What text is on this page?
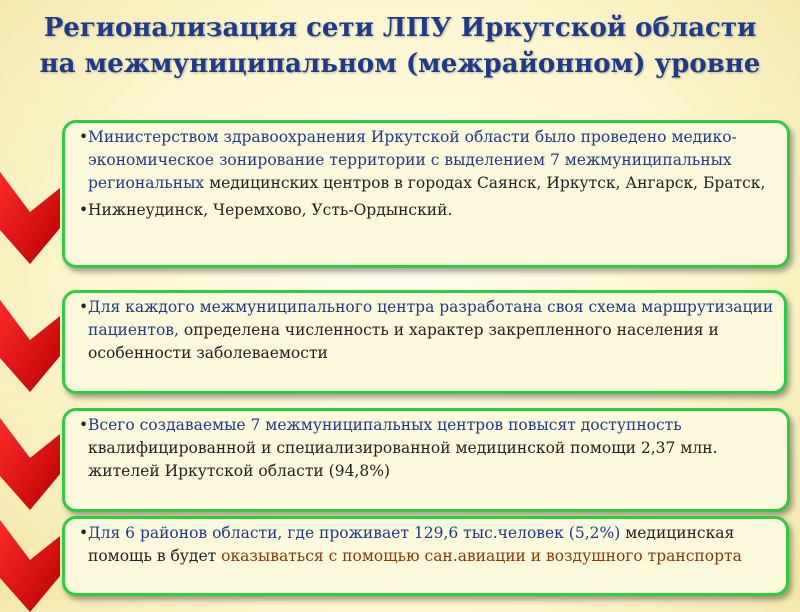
Регионализация сети ЛПУ Иркутской области
на межмуниципальном (межрайонном) уровне

• Министерством здравоохранения Иркутской области было проведено медико-экономическое зонирование территории с выделением 7 межмуниципальных региональных медицинских центров в городах Саянск, Иркутск, Ангарск, Братск,

• Нижнеудинск, Черемхово, Усть-Ордынский.

• Для каждого межмуниципального центра разработана своя схема маршрутизации пациентов, определена численность и характер закрепленного населения и особенности заболеваемости

• Всего создаваемые 7 межмуниципальных центров повысят доступность квалифицированной и специализированной медицинской помощи 2,37 млн. жителей Иркутской области (94,8%)

• Для 6 районов области, где проживает 129,6 тыс.человек (5,2%) медицинская помощь в будет оказываться с помощью сан.авиации и воздушного транспорта
